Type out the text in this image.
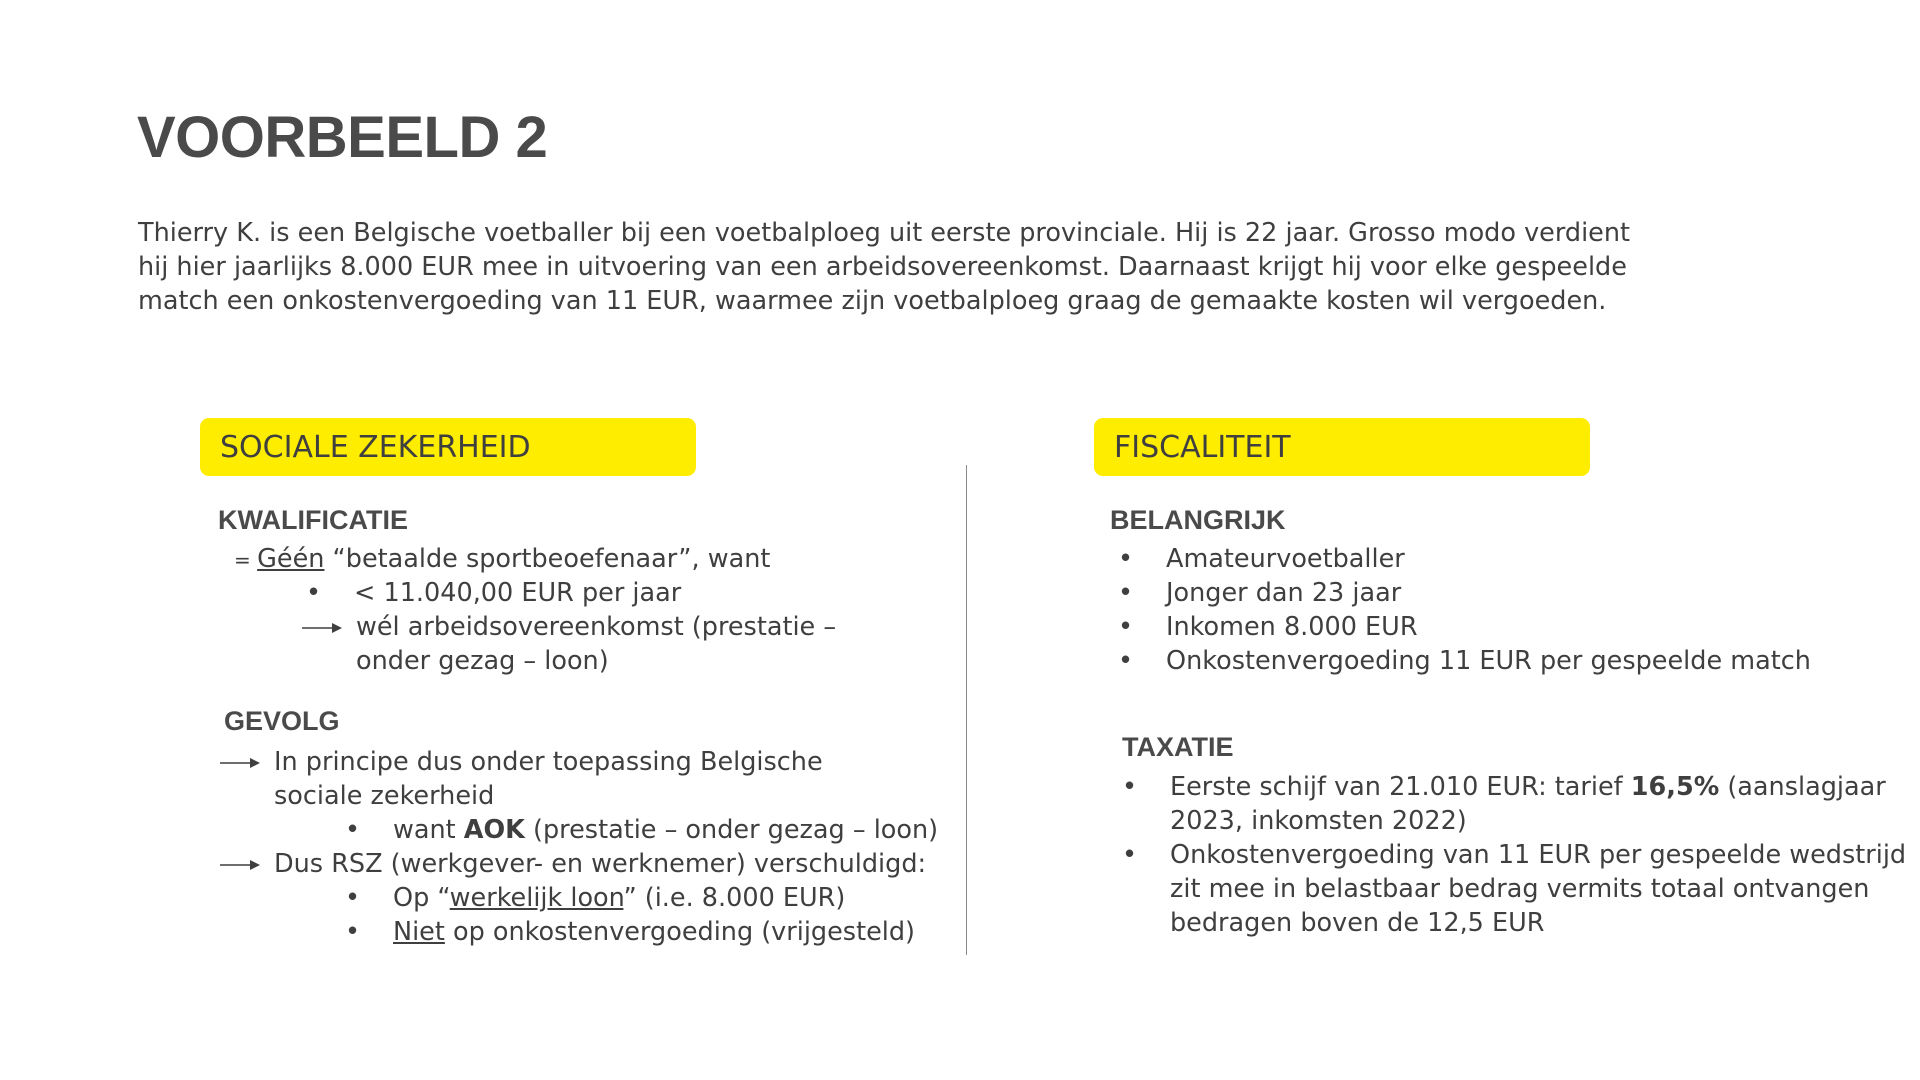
VOORBEELD 2

Thierry K. is een Belgische voetballer bij een voetbalploeg uit eerste provinciale. Hij is 22 jaar. Grosso modo verdient hij hier jaarlijks 8.000 EUR mee in uitvoering van een arbeidsovereenkomst. Daarnaast krijgt hij voor elke gespeelde match een onkostenvergoeding van 11 EUR, waarmee zijn voetbalploeg graag de gemaakte kosten wil vergoeden.

SOCIALE ZEKERHEID	FISCALITEIT
KWALIFICATIE
= Géén “betaalde sportbeoefenaar”, want
• < 11.040,00 EUR per jaar
wél arbeidsovereenkomst (prestatie –
onder gezag – loon)
GEVOLG
In principe dus onder toepassing Belgische
sociale zekerheid
• want AOK (prestatie – onder gezag – loon)
Dus RSZ (werkgever- en werknemer) verschuldigd:
• Op “werkelijk loon” (i.e. 8.000 EUR)
• Niet op onkostenvergoeding (vrijgesteld)
BELANGRIJK
• Amateurvoetballer
• Jonger dan 23 jaar
• Inkomen 8.000 EUR
• Onkostenvergoeding 11 EUR per gespeelde match
TAXATIE
• Eerste schijf van 21.010 EUR: tarief 16,5% (aanslagjaar
2023, inkomsten 2022)
• Onkostenvergoeding van 11 EUR per gespeelde wedstrijd
zit mee in belastbaar bedrag vermits totaal ontvangen
bedragen boven de 12,5 EUR
